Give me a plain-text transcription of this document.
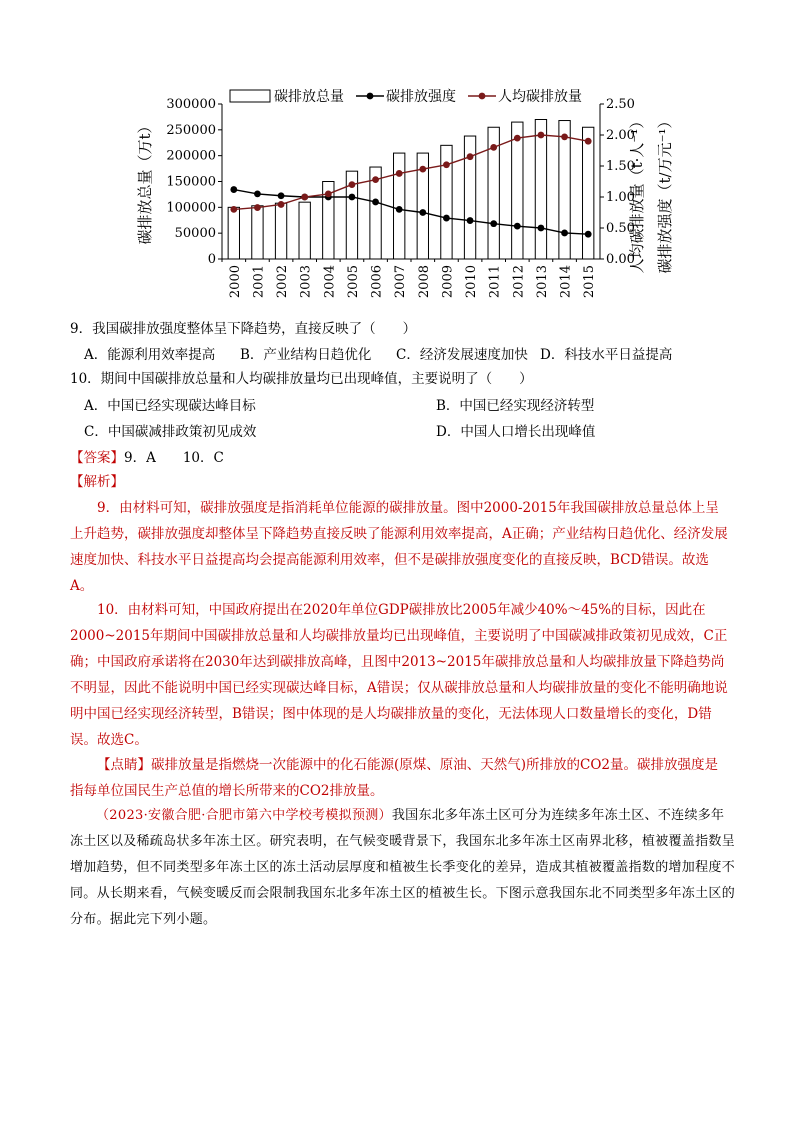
0
50000
100000
150000
200000
250000
300000
0.00
0.50
1.00
1.50
2.00
2.50
2000 2001 2002 2003 2004 2005 2006 2007 2008 2009 2010 2011 2012 2013 2014 2015
碳排放总量（万t）	人均碳排放量（t·人⁻¹） 碳排放强度（t/万元⁻¹）
碳排放总量	碳排放强度	人均碳排放量
9．我国碳排放强度整体呈下降趋势，直接反映了（　　）
A．能源利用效率提高 B．产业结构日趋优化 C．经济发展速度加快 D．科技水平日益提高
10．期间中国碳排放总量和人均碳排放量均已出现峰值，主要说明了（　　）
A．中国已经实现碳达峰目标	B．中国已经实现经济转型
C．中国碳减排政策初见成效	D．中国人口增长出现峰值
【答案】9．A　　10．C
【解析】
9．由材料可知，碳排放强度是指消耗单位能源的碳排放量。图中2000-2015年我国碳排放总量总体上呈上升趋势，碳排放强度却整体呈下降趋势直接反映了能源利用效率提高，A正确；产业结构日趋优化、经济发展速度加快、科技水平日益提高均会提高能源利用效率，但不是碳排放强度变化的直接反映，BCD错误。故选A。
10．由材料可知，中国政府提出在2020年单位GDP碳排放比2005年减少40%～45%的目标，因此在2000~2015年期间中国碳排放总量和人均碳排放量均已出现峰值，主要说明了中国碳减排政策初见成效，C正确；中国政府承诺将在2030年达到碳排放高峰，且图中2013~2015年碳排放总量和人均碳排放量下降趋势尚不明显，因此不能说明中国已经实现碳达峰目标，A错误；仅从碳排放总量和人均碳排放量的变化不能明确地说明中国已经实现经济转型，B错误；图中体现的是人均碳排放量的变化，无法体现人口数量增长的变化，D错误。故选C。
【点睛】碳排放量是指燃烧一次能源中的化石能源(原煤、原油、天然气)所排放的CO2量。碳排放强度是指每单位国民生产总值的增长所带来的CO2排放量。
（2023·安徽合肥·合肥市第六中学校考模拟预测）我国东北多年冻土区可分为连续多年冻土区、不连续多年冻土区以及稀疏岛状多年冻土区。研究表明，在气候变暖背景下，我国东北多年冻土区南界北移，植被覆盖指数呈增加趋势，但不同类型多年冻土区的冻土活动层厚度和植被生长季变化的差异，造成其植被覆盖指数的增加程度不同。从长期来看，气候变暖反而会限制我国东北多年冻土区的植被生长。下图示意我国东北不同类型多年冻土区的分布。据此完下列小题。
